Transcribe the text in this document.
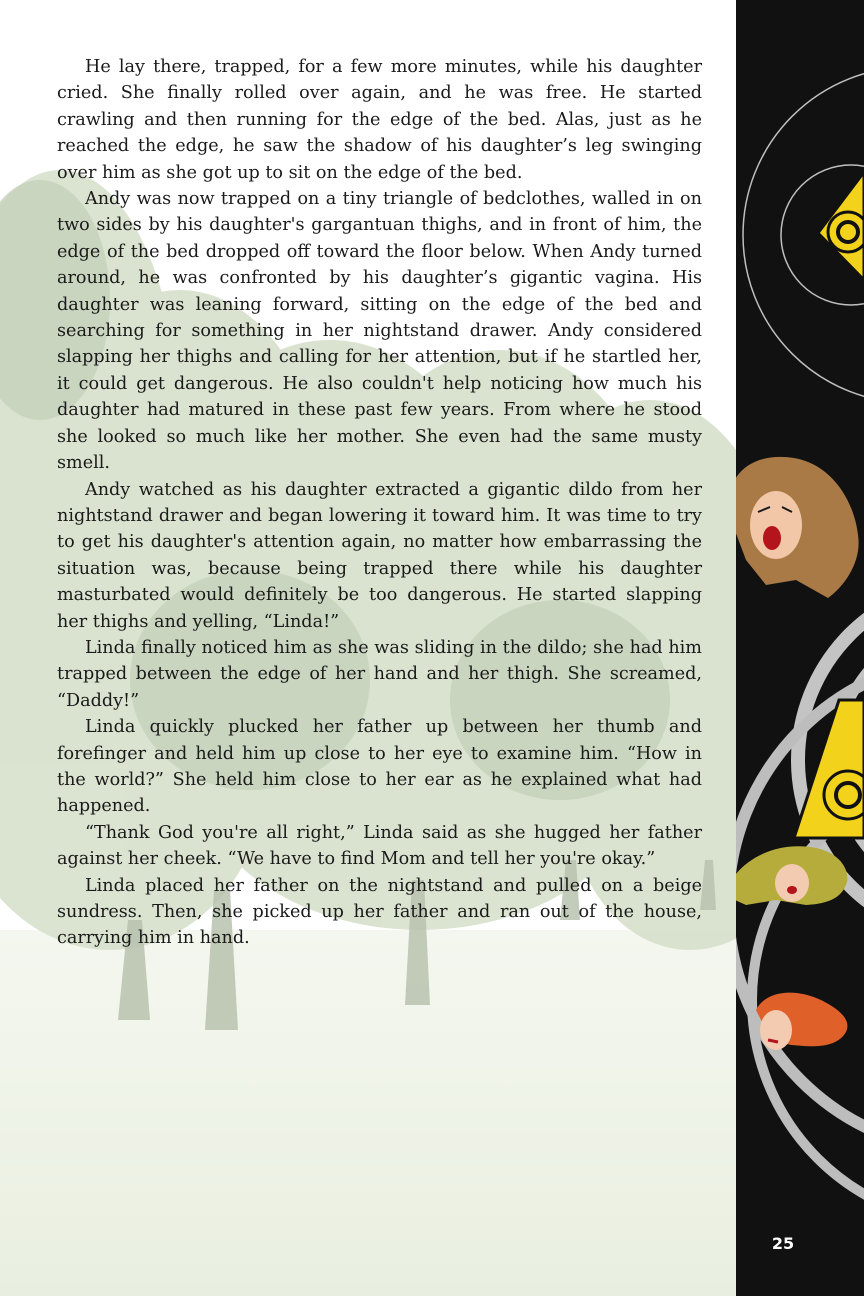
He lay there, trapped, for a few more minutes, while his daughter cried. She finally rolled over again, and he was free. He started crawling and then running for the edge of the bed. Alas, just as he reached the edge, he saw the shadow of his daughter’s leg swinging over him as she got up to sit on the edge of the bed.

Andy was now trapped on a tiny triangle of bedclothes, walled in on two sides by his daughter's gargantuan thighs, and in front of him, the edge of the bed dropped off toward the floor below. When Andy turned around, he was confronted by his daughter’s gigantic vagina. His daughter was leaning forward, sitting on the edge of the bed and searching for something in her nightstand drawer. Andy considered slapping her thighs and calling for her attention, but if he startled her, it could get dangerous. He also couldn't help noticing how much his daughter had matured in these past few years. From where he stood she looked so much like her mother. She even had the same musty smell.

Andy watched as his daughter extracted a gigantic dildo from her nightstand drawer and began lowering it toward him. It was time to try to get his daughter's attention again, no matter how embarrassing the situation was, because being trapped there while his daughter masturbated would definitely be too dangerous. He started slapping her thighs and yelling, “Linda!”

Linda finally noticed him as she was sliding in the dildo; she had him trapped between the edge of her hand and her thigh. She screamed, “Daddy!”

Linda quickly plucked her father up between her thumb and forefinger and held him up close to her eye to examine him. “How in the world?” She held him close to her ear as he explained what had happened.

“Thank God you're all right,” Linda said as she hugged her father against her cheek. “We have to find Mom and tell her you're okay.”

Linda placed her father on the nightstand and pulled on a beige sundress. Then, she picked up her father and ran out of the house, carrying him in hand.

25
